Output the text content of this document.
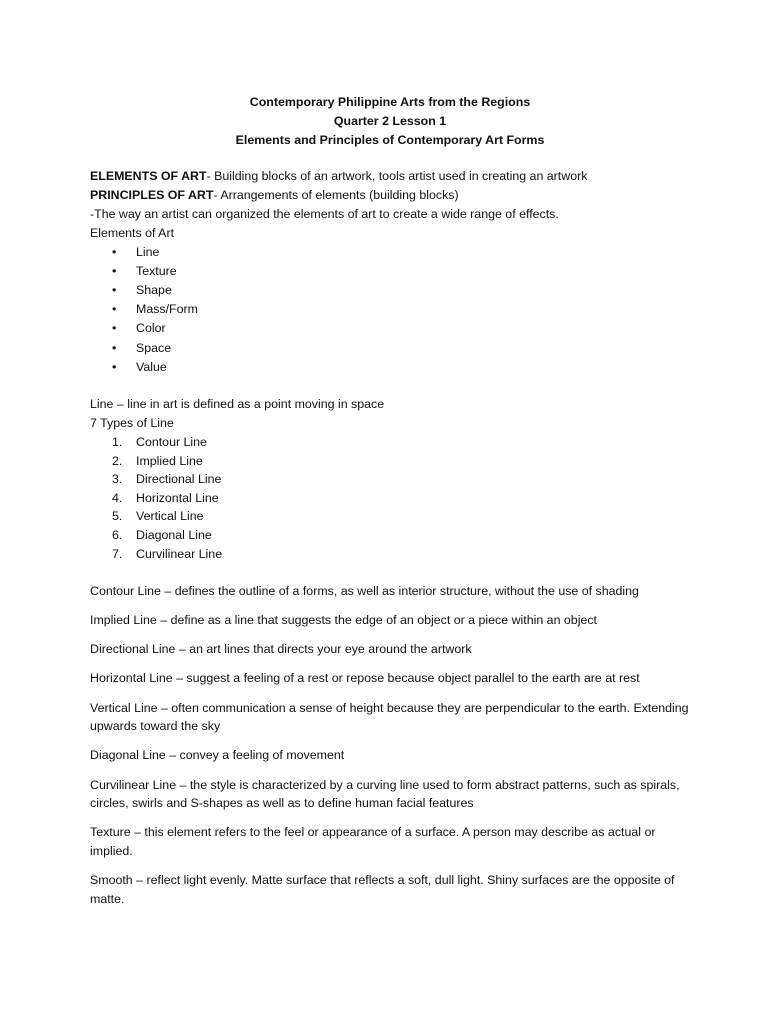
Contemporary Philippine Arts from the Regions
Quarter 2 Lesson 1
Elements and Principles of Contemporary Art Forms
ELEMENTS OF ART- Building blocks of an artwork, tools artist used in creating an artwork
PRINCIPLES OF ART- Arrangements of elements (building blocks)
-The way an artist can organized the elements of art to create a wide range of effects.
Elements of Art
• Line
• Texture
• Shape
• Mass/Form
• Color
• Space
• Value
Line – line in art is defined as a point moving in space
7 Types of Line
1. Contour Line
2. Implied Line
3. Directional Line
4. Horizontal Line
5. Vertical Line
6. Diagonal Line
7. Curvilinear Line

Contour Line – defines the outline of a forms, as well as interior structure, without the use of shading

Implied Line – define as a line that suggests the edge of an object or a piece within an object

Directional Line – an art lines that directs your eye around the artwork

Horizontal Line – suggest a feeling of a rest or repose because object parallel to the earth are at rest

Vertical Line – often communication a sense of height because they are perpendicular to the earth. Extending upwards toward the sky

Diagonal Line – convey a feeling of movement

Curvilinear Line – the style is characterized by a curving line used to form abstract patterns, such as spirals, circles, swirls and S-shapes as well as to define human facial features

Texture – this element refers to the feel or appearance of a surface. A person may describe as actual or implied.

Smooth – reflect light evenly. Matte surface that reflects a soft, dull light. Shiny surfaces are the opposite of matte.
